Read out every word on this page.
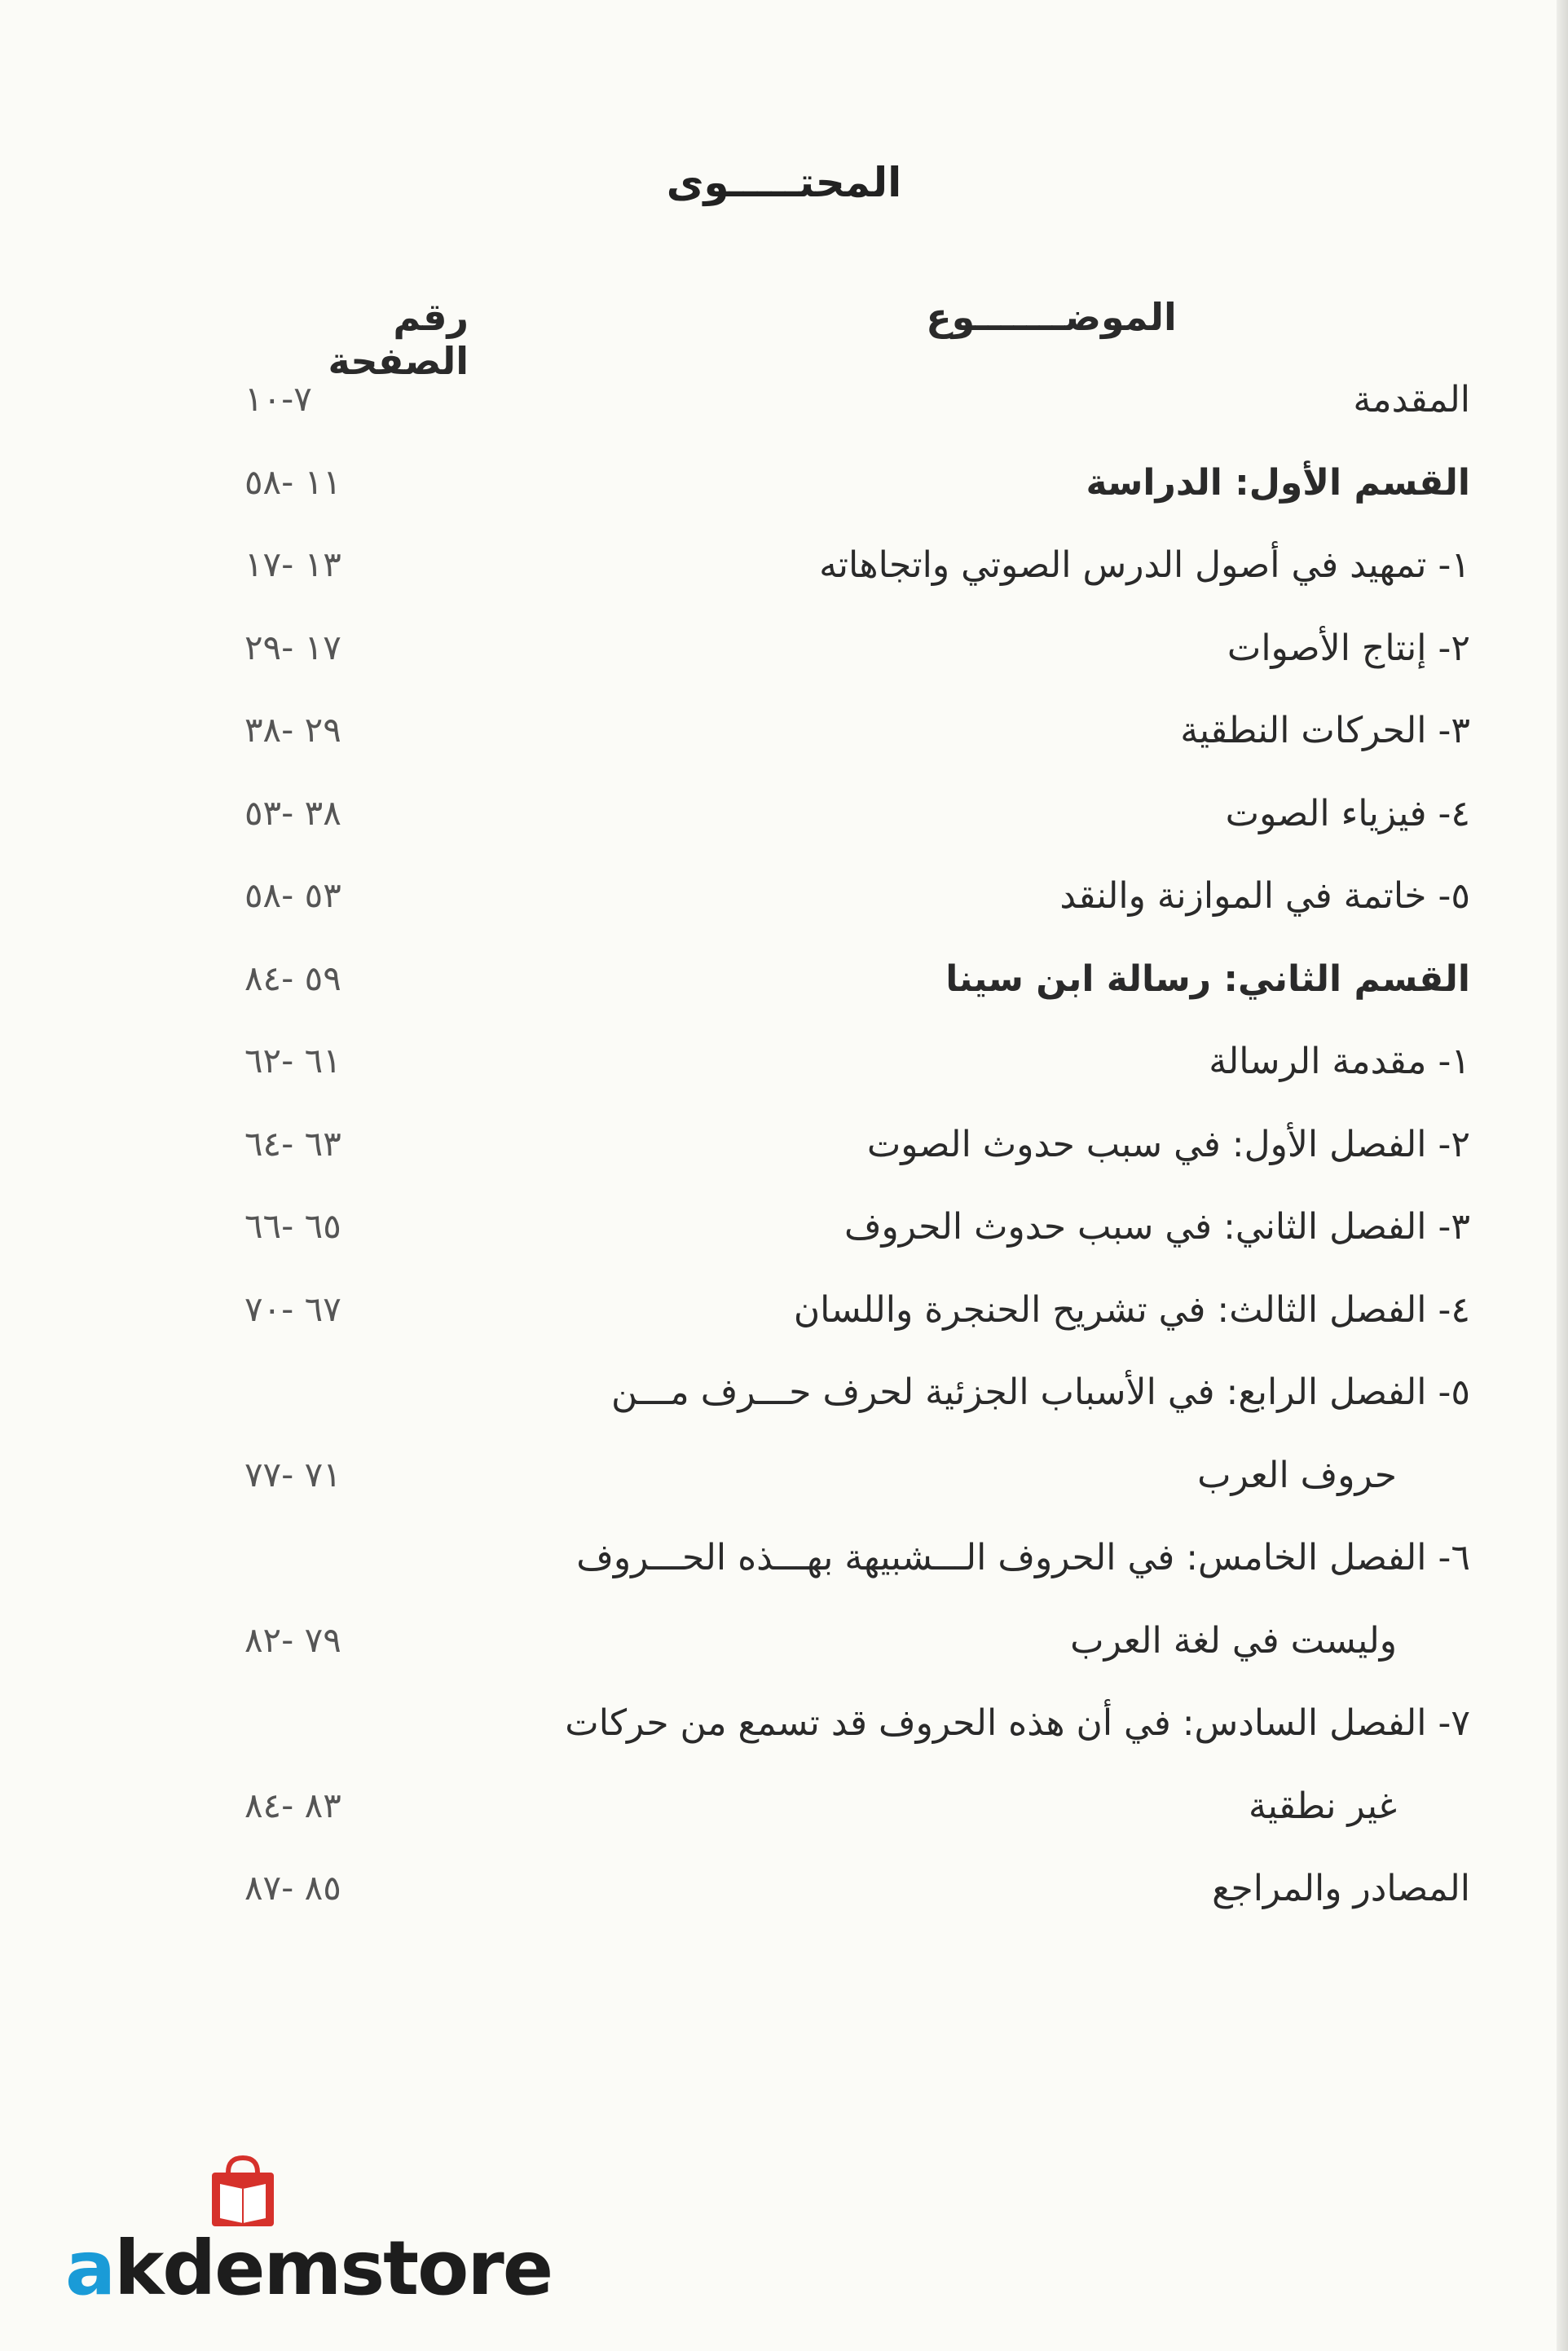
المحتـــــوى
الموضـــــــوع
رقم الصفحة
المقدمة
٧-١٠
القسم الأول: الدراسة
١١ -٥٨
١- تمهيد في أصول الدرس الصوتي واتجاهاته
١٣ -١٧
٢- إنتاج الأصوات
١٧ -٢٩
٣- الحركات النطقية
٢٩ -٣٨
٤- فيزياء الصوت
٣٨ -٥٣
٥- خاتمة في الموازنة والنقد
٥٣ -٥٨
القسم الثاني: رسالة ابن سينا
٥٩ -٨٤
١- مقدمة الرسالة
٦١ -٦٢
٢- الفصل الأول: في سبب حدوث الصوت
٦٣ -٦٤
٣- الفصل الثاني: في سبب حدوث الحروف
٦٥ -٦٦
٤- الفصل الثالث: في تشريح الحنجرة واللسان
٦٧ -٧٠
٥- الفصل الرابع: في الأسباب الجزئية لحرف حـــرف مـــن
حروف العرب
٧١ -٧٧
٦- الفصل الخامس: في الحروف الـــشبيهة بهـــذه الحـــروف
وليست في لغة العرب
٧٩ -٨٢
٧- الفصل السادس: في أن هذه الحروف قد تسمع من حركات
غير نطقية
٨٣ -٨٤
المصادر والمراجع
٨٥ -٨٧
akdemstore
